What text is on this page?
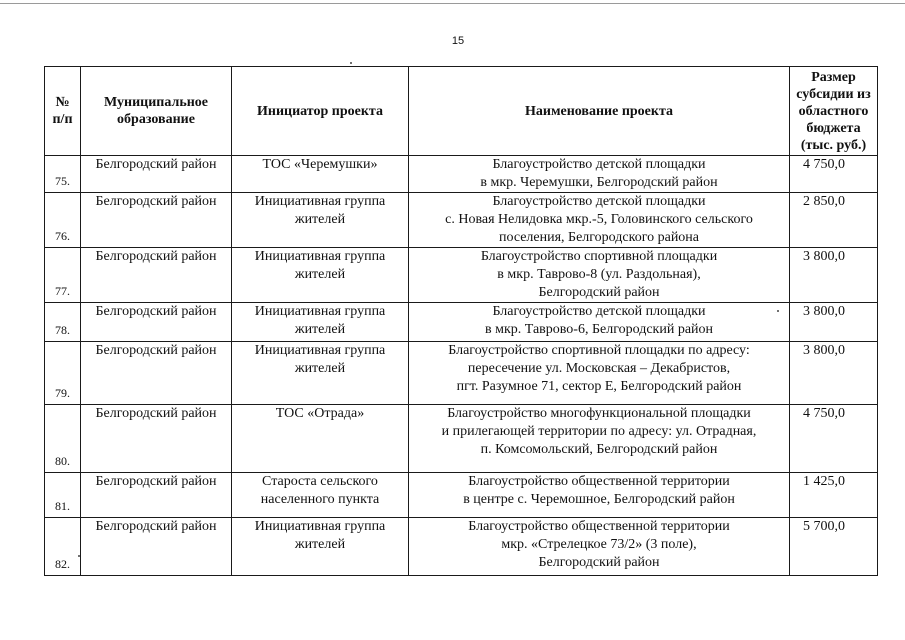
15
№
п/п	Муниципальное
образование	Инициатор проекта	Наименование проекта	Размер
субсидии из
областного
бюджета
(тыс. руб.)

75.	Белгородский район	ТОС «Черемушки»	Благоустройство детской площадки
в мкр. Черемушки, Белгородский район	4 750,0
76.	Белгородский район	Инициативная группа
жителей	Благоустройство детской площадки
с. Новая Нелидовка мкр.-5, Головинского сельского
поселения, Белгородского района	2 850,0
77.	Белгородский район	Инициативная группа
жителей	Благоустройство спортивной площадки
в мкр. Таврово-8 (ул. Раздольная),
Белгородский район	3 800,0
78.	Белгородский район	Инициативная группа
жителей	Благоустройство детской площадки
в мкр. Таврово-6, Белгородский район	3 800,0
79.	Белгородский район	Инициативная группа
жителей	Благоустройство спортивной площадки по адресу:
пересечение ул. Московская – Декабристов,
пгт. Разумное 71, сектор Е, Белгородский район	3 800,0
80.	Белгородский район	ТОС «Отрада»	Благоустройство многофункциональной площадки
и прилегающей территории по адресу: ул. Отрадная,
п. Комсомольский, Белгородский район	4 750,0
81.	Белгородский район	Староста сельского
населенного пункта	Благоустройство общественной территории
в центре с. Черемошное, Белгородский район	1 425,0
82.	Белгородский район	Инициативная группа
жителей	Благоустройство общественной территории
мкр. «Стрелецкое 73/2» (3 поле),
Белгородский район	5 700,0
